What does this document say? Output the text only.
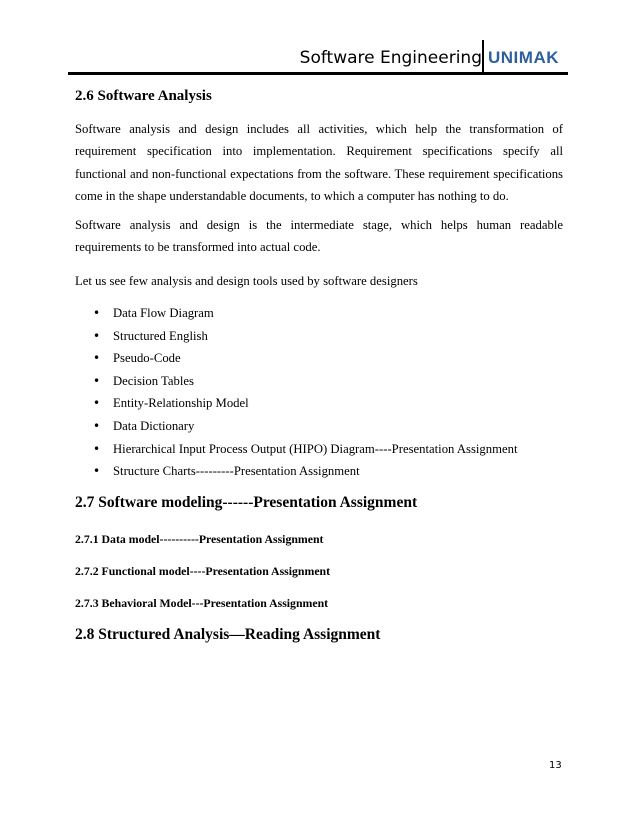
Software Engineering UNIMAK
2.6 Software Analysis

Software analysis and design includes all activities, which help the transformation of requirement specification into implementation. Requirement specifications specify all functional and non-functional expectations from the software. These requirement specifications come in the shape understandable documents, to which a computer has nothing to do.

Software analysis and design is the intermediate stage, which helps human readable requirements to be transformed into actual code.

Let us see few analysis and design tools used by software designers

• Data Flow Diagram
• Structured English
• Pseudo-Code
• Decision Tables
• Entity-Relationship Model
• Data Dictionary
• Hierarchical Input Process Output (HIPO) Diagram----Presentation Assignment
• Structure Charts---------Presentation Assignment
2.7 Software modeling------Presentation Assignment
2.7.1 Data model----------Presentation Assignment
2.7.2 Functional model----Presentation Assignment
2.7.3 Behavioral Model---Presentation Assignment
2.8 Structured Analysis—Reading Assignment
13
